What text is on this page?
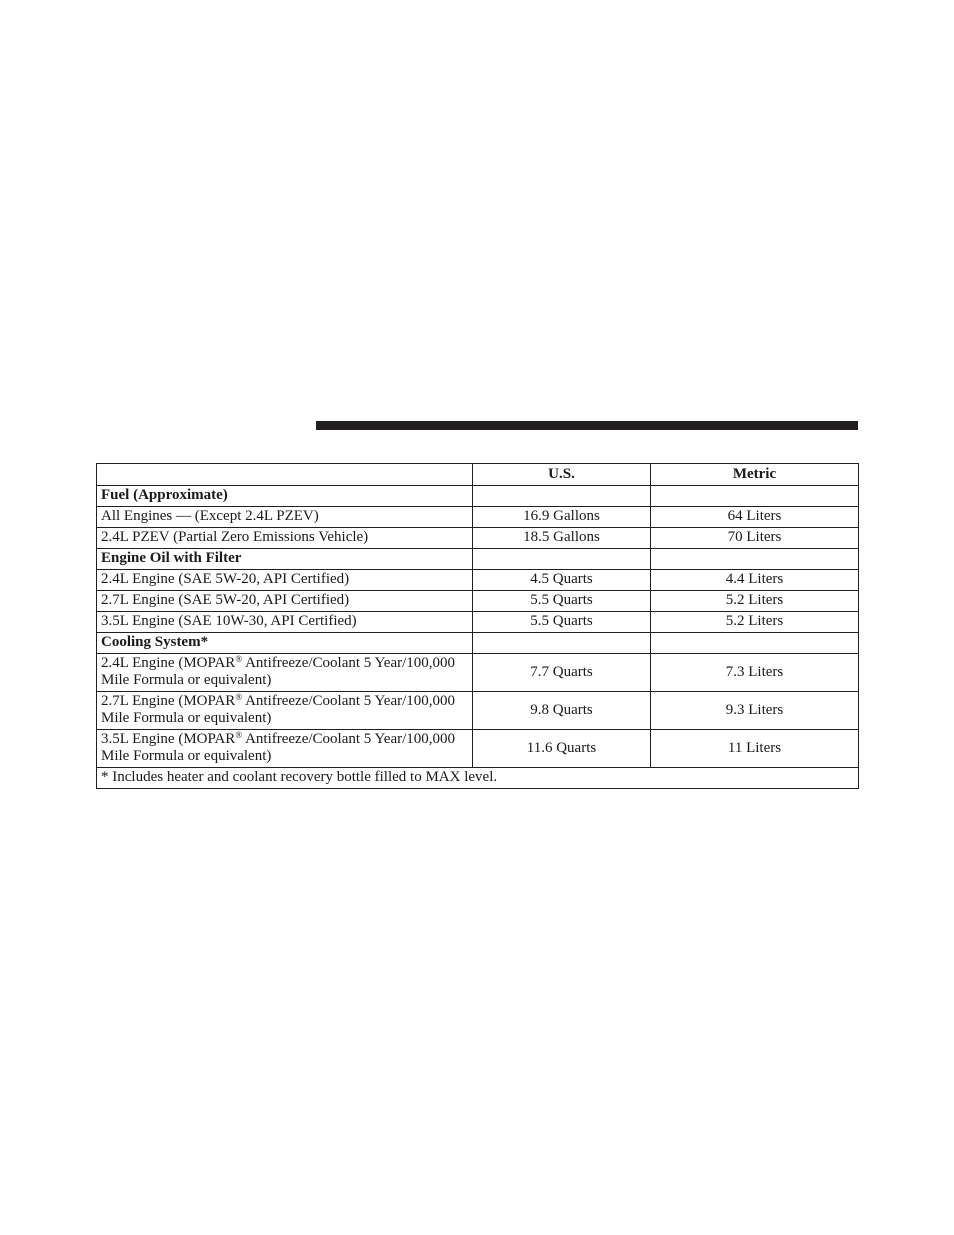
	U.S.	Metric
Fuel (Approximate)		
All Engines — (Except 2.4L PZEV)	16.9 Gallons	64 Liters
2.4L PZEV (Partial Zero Emissions Vehicle)	18.5 Gallons	70 Liters
Engine Oil with Filter		
2.4L Engine (SAE 5W-20, API Certified)	4.5 Quarts	4.4 Liters
2.7L Engine (SAE 5W-20, API Certified)	5.5 Quarts	5.2 Liters
3.5L Engine (SAE 10W-30, API Certified)	5.5 Quarts	5.2 Liters
Cooling System*		
2.4L Engine (MOPAR® Antifreeze/Coolant 5 Year/100,000 Mile Formula or equivalent)	7.7 Quarts	7.3 Liters
2.7L Engine (MOPAR® Antifreeze/Coolant 5 Year/100,000 Mile Formula or equivalent)	9.8 Quarts	9.3 Liters
3.5L Engine (MOPAR® Antifreeze/Coolant 5 Year/100,000 Mile Formula or equivalent)	11.6 Quarts	11 Liters
* Includes heater and coolant recovery bottle filled to MAX level.		
